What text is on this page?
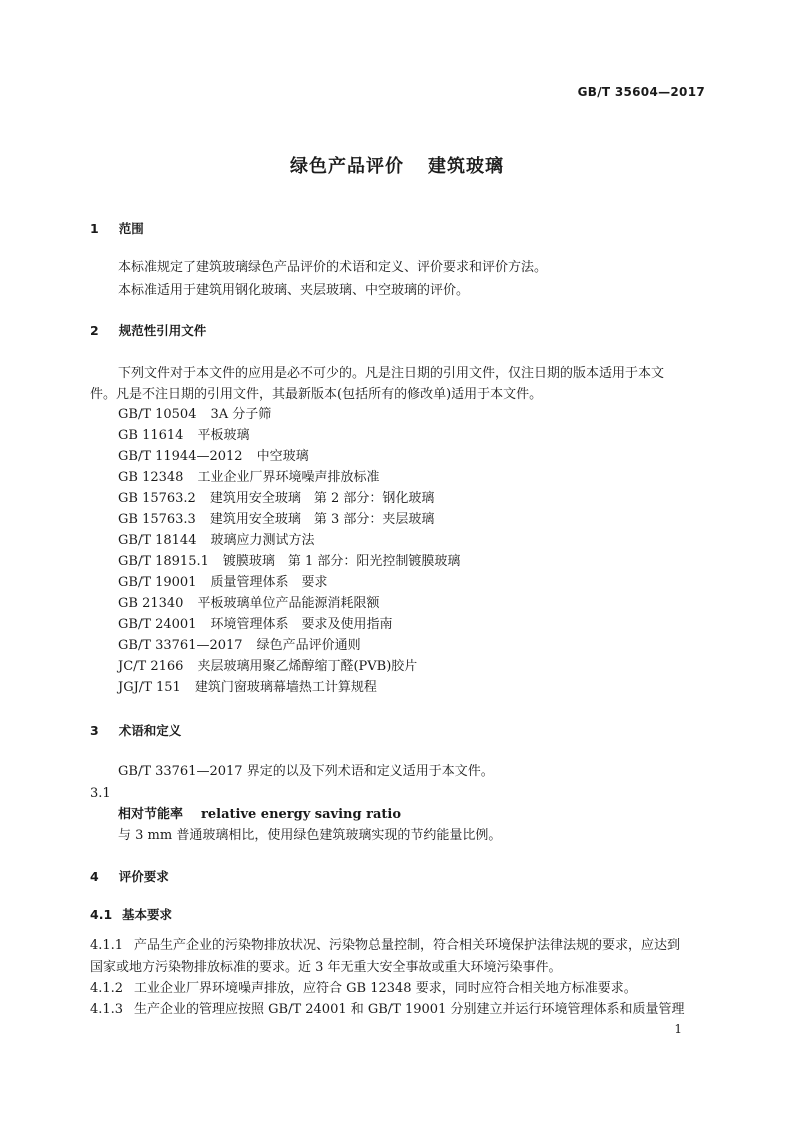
GB/T 35604—2017
绿色产品评价 建筑玻璃
1 范围
本标准规定了建筑玻璃绿色产品评价的术语和定义、评价要求和评价方法。
本标准适用于建筑用钢化玻璃、夹层玻璃、中空玻璃的评价。
2 规范性引用文件
下列文件对于本文件的应用是必不可少的。凡是注日期的引用文件，仅注日期的版本适用于本文
件。凡是不注日期的引用文件，其最新版本(包括所有的修改单)适用于本文件。
GB/T 10504 3A 分子筛
GB 11614 平板玻璃
GB/T 11944—2012 中空玻璃
GB 12348 工业企业厂界环境噪声排放标准
GB 15763.2 建筑用安全玻璃　第 2 部分：钢化玻璃
GB 15763.3 建筑用安全玻璃　第 3 部分：夹层玻璃
GB/T 18144 玻璃应力测试方法
GB/T 18915.1 镀膜玻璃　第 1 部分：阳光控制镀膜玻璃
GB/T 19001 质量管理体系　要求
GB 21340 平板玻璃单位产品能源消耗限额
GB/T 24001 环境管理体系　要求及使用指南
GB/T 33761—2017 绿色产品评价通则
JC/T 2166 夹层玻璃用聚乙烯醇缩丁醛(PVB)胶片
JGJ/T 151 建筑门窗玻璃幕墙热工计算规程
3 术语和定义
GB/T 33761—2017 界定的以及下列术语和定义适用于本文件。
3.1
相对节能率 relative energy saving ratio
与 3 mm 普通玻璃相比，使用绿色建筑玻璃实现的节约能量比例。
4 评价要求
4.1 基本要求
4.1.1 产品生产企业的污染物排放状况、污染物总量控制，符合相关环境保护法律法规的要求，应达到
国家或地方污染物排放标准的要求。近 3 年无重大安全事故或重大环境污染事件。
4.1.2 工业企业厂界环境噪声排放，应符合 GB 12348 要求，同时应符合相关地方标准要求。
4.1.3 生产企业的管理应按照 GB/T 24001 和 GB/T 19001 分别建立并运行环境管理体系和质量管理
1
